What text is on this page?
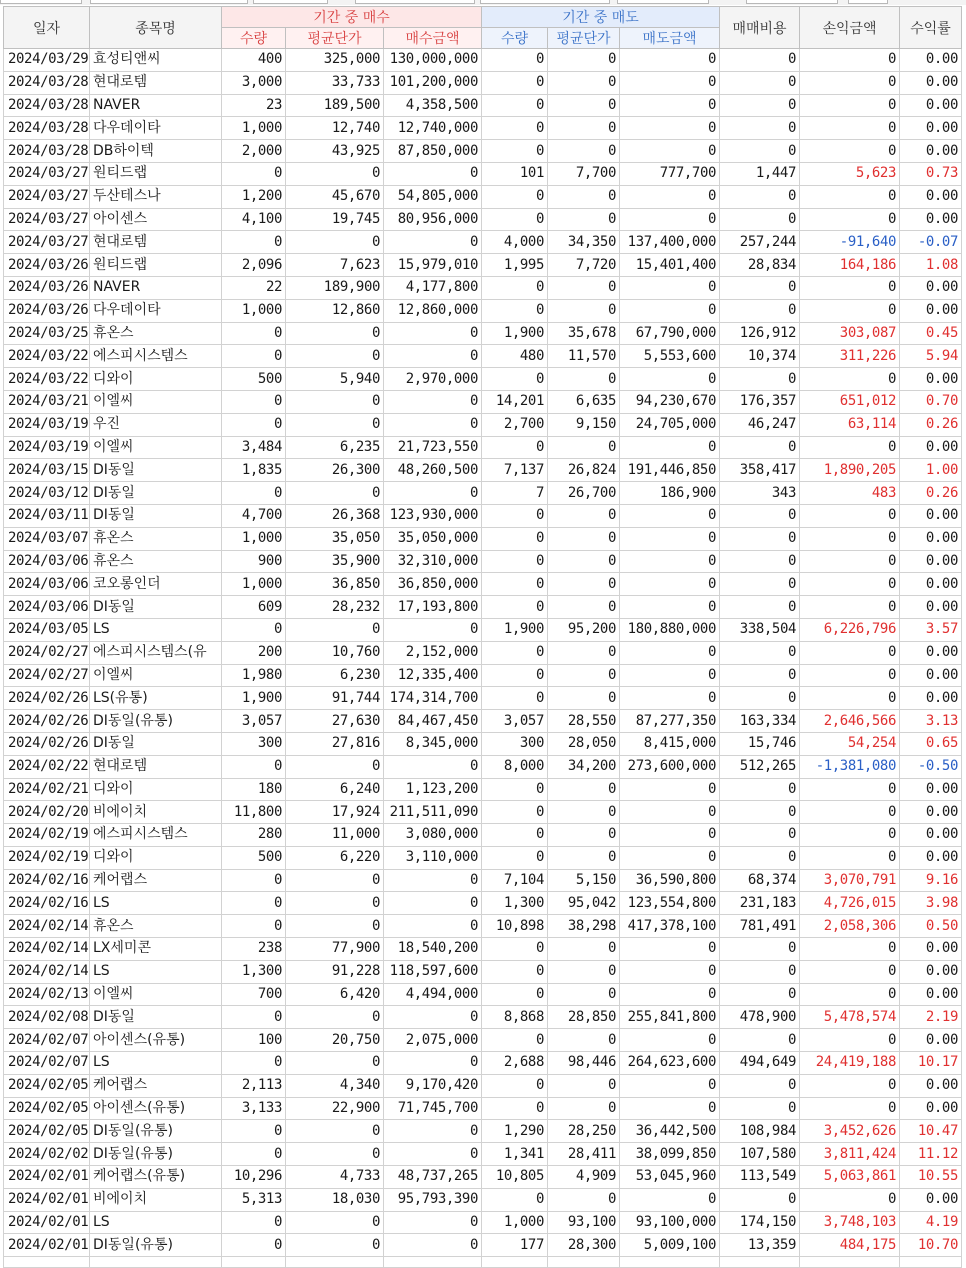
일자	종목명	기간 중 매수			기간 중 매도			매매비용	손익금액	수익률
		수량	평균단가	매수금액	수량	평균단가	매도금액			
2024/03/29	효성티앤씨	400	325,000	130,000,000	0	0	0	0	0	0.00
2024/03/28	현대로템	3,000	33,733	101,200,000	0	0	0	0	0	0.00
2024/03/28	NAVER	23	189,500	4,358,500	0	0	0	0	0	0.00
2024/03/28	다우데이타	1,000	12,740	12,740,000	0	0	0	0	0	0.00
2024/03/28	DB하이텍	2,000	43,925	87,850,000	0	0	0	0	0	0.00
2024/03/27	원티드랩	0	0	0	101	7,700	777,700	1,447	5,623	0.73
2024/03/27	두산테스나	1,200	45,670	54,805,000	0	0	0	0	0	0.00
2024/03/27	아이센스	4,100	19,745	80,956,000	0	0	0	0	0	0.00
2024/03/27	현대로템	0	0	0	4,000	34,350	137,400,000	257,244	-91,640	-0.07
2024/03/26	원티드랩	2,096	7,623	15,979,010	1,995	7,720	15,401,400	28,834	164,186	1.08
2024/03/26	NAVER	22	189,900	4,177,800	0	0	0	0	0	0.00
2024/03/26	다우데이타	1,000	12,860	12,860,000	0	0	0	0	0	0.00
2024/03/25	휴온스	0	0	0	1,900	35,678	67,790,000	126,912	303,087	0.45
2024/03/22	에스피시스템스	0	0	0	480	11,570	5,553,600	10,374	311,226	5.94
2024/03/22	디와이	500	5,940	2,970,000	0	0	0	0	0	0.00
2024/03/21	이엘씨	0	0	0	14,201	6,635	94,230,670	176,357	651,012	0.70
2024/03/19	우진	0	0	0	2,700	9,150	24,705,000	46,247	63,114	0.26
2024/03/19	이엘씨	3,484	6,235	21,723,550	0	0	0	0	0	0.00
2024/03/15	DI동일	1,835	26,300	48,260,500	7,137	26,824	191,446,850	358,417	1,890,205	1.00
2024/03/12	DI동일	0	0	0	7	26,700	186,900	343	483	0.26
2024/03/11	DI동일	4,700	26,368	123,930,000	0	0	0	0	0	0.00
2024/03/07	휴온스	1,000	35,050	35,050,000	0	0	0	0	0	0.00
2024/03/06	휴온스	900	35,900	32,310,000	0	0	0	0	0	0.00
2024/03/06	코오롱인더	1,000	36,850	36,850,000	0	0	0	0	0	0.00
2024/03/06	DI동일	609	28,232	17,193,800	0	0	0	0	0	0.00
2024/03/05	LS	0	0	0	1,900	95,200	180,880,000	338,504	6,226,796	3.57
2024/02/27	에스피시스템스(유	200	10,760	2,152,000	0	0	0	0	0	0.00
2024/02/27	이엘씨	1,980	6,230	12,335,400	0	0	0	0	0	0.00
2024/02/26	LS(유통)	1,900	91,744	174,314,700	0	0	0	0	0	0.00
2024/02/26	DI동일(유통)	3,057	27,630	84,467,450	3,057	28,550	87,277,350	163,334	2,646,566	3.13
2024/02/26	DI동일	300	27,816	8,345,000	300	28,050	8,415,000	15,746	54,254	0.65
2024/02/22	현대로템	0	0	0	8,000	34,200	273,600,000	512,265	-1,381,080	-0.50
2024/02/21	디와이	180	6,240	1,123,200	0	0	0	0	0	0.00
2024/02/20	비에이치	11,800	17,924	211,511,090	0	0	0	0	0	0.00
2024/02/19	에스피시스템스	280	11,000	3,080,000	0	0	0	0	0	0.00
2024/02/19	디와이	500	6,220	3,110,000	0	0	0	0	0	0.00
2024/02/16	케어랩스	0	0	0	7,104	5,150	36,590,800	68,374	3,070,791	9.16
2024/02/16	LS	0	0	0	1,300	95,042	123,554,800	231,183	4,726,015	3.98
2024/02/14	휴온스	0	0	0	10,898	38,298	417,378,100	781,491	2,058,306	0.50
2024/02/14	LX세미콘	238	77,900	18,540,200	0	0	0	0	0	0.00
2024/02/14	LS	1,300	91,228	118,597,600	0	0	0	0	0	0.00
2024/02/13	이엘씨	700	6,420	4,494,000	0	0	0	0	0	0.00
2024/02/08	DI동일	0	0	0	8,868	28,850	255,841,800	478,900	5,478,574	2.19
2024/02/07	아이센스(유통)	100	20,750	2,075,000	0	0	0	0	0	0.00
2024/02/07	LS	0	0	0	2,688	98,446	264,623,600	494,649	24,419,188	10.17
2024/02/05	케어랩스	2,113	4,340	9,170,420	0	0	0	0	0	0.00
2024/02/05	아이센스(유통)	3,133	22,900	71,745,700	0	0	0	0	0	0.00
2024/02/05	DI동일(유통)	0	0	0	1,290	28,250	36,442,500	108,984	3,452,626	10.47
2024/02/02	DI동일(유통)	0	0	0	1,341	28,411	38,099,850	107,580	3,811,424	11.12
2024/02/01	케어랩스(유통)	10,296	4,733	48,737,265	10,805	4,909	53,045,960	113,549	5,063,861	10.55
2024/02/01	비에이치	5,313	18,030	95,793,390	0	0	0	0	0	0.00
2024/02/01	LS	0	0	0	1,000	93,100	93,100,000	174,150	3,748,103	4.19
2024/02/01	DI동일(유통)	0	0	0	177	28,300	5,009,100	13,359	484,175	10.70
